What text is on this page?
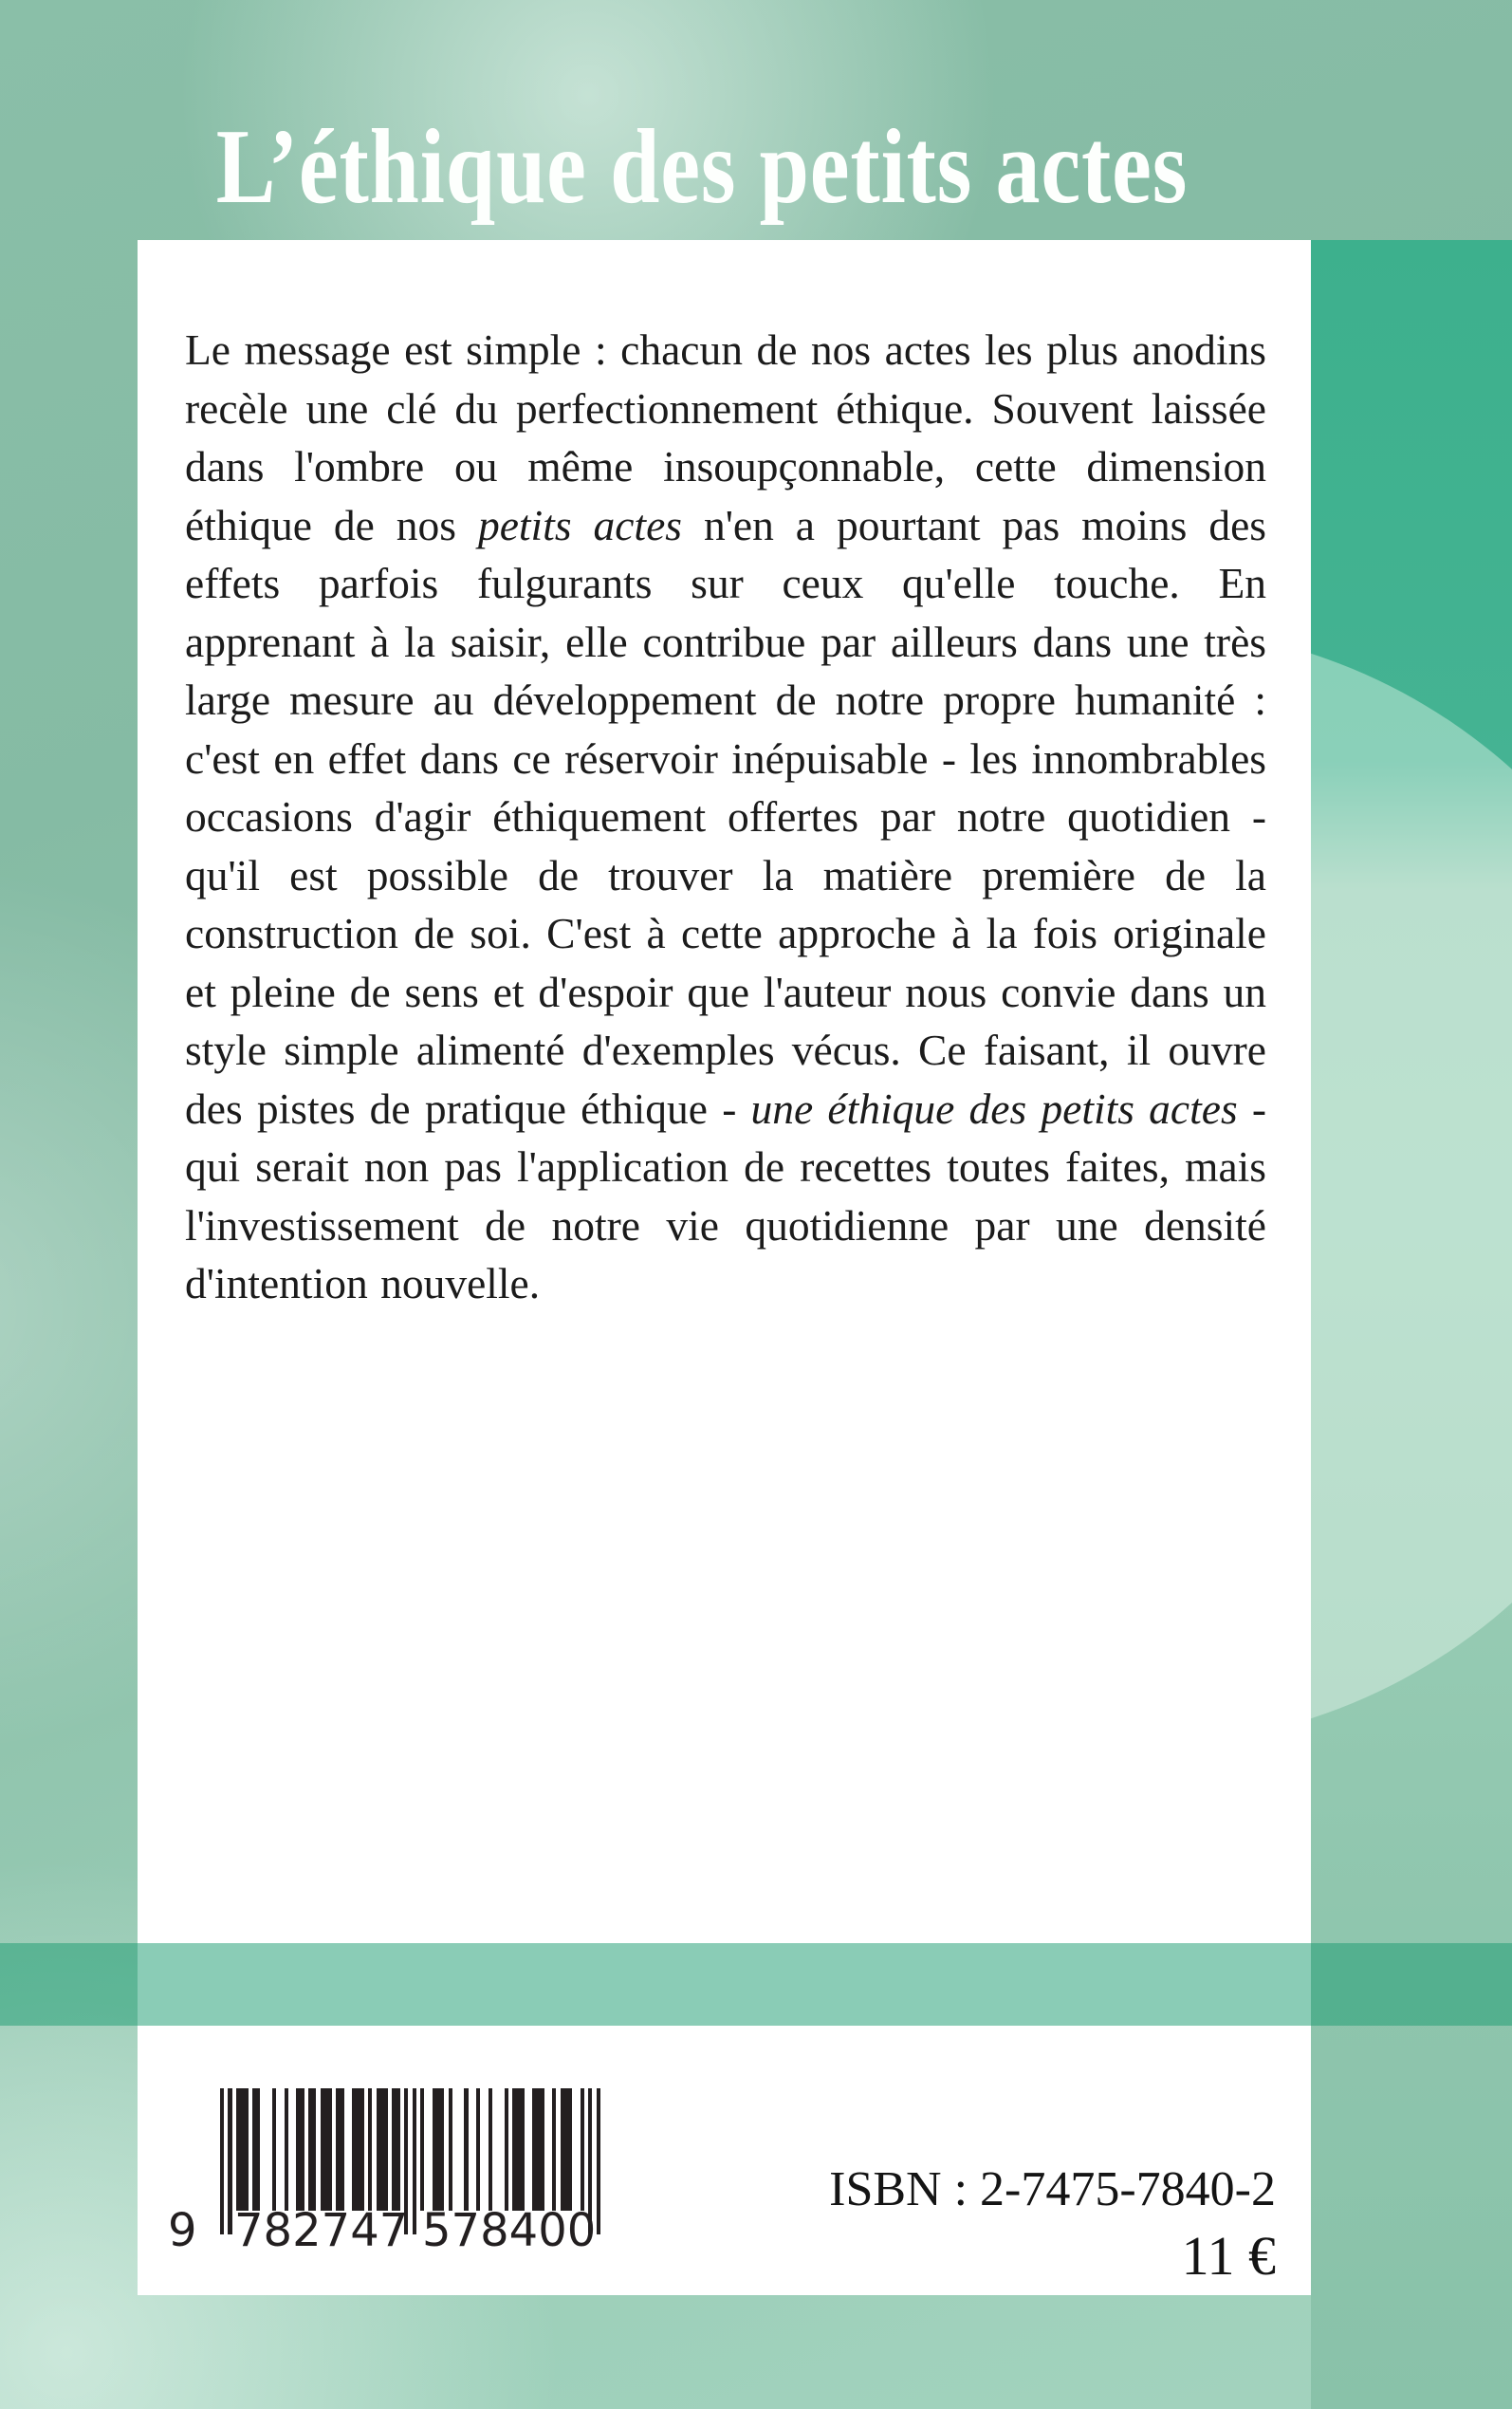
L’éthique des petits actes
Le message est simple : chacun de nos actes les plus anodins recèle une clé du perfectionnement éthique. Souvent laissée dans l'ombre ou même insoupçonnable, cette dimension éthique de nos petits actes n'en a pourtant pas moins des effets parfois fulgurants sur ceux qu'elle touche. En apprenant à la saisir, elle contribue par ailleurs dans une très large mesure au développement de notre propre humanité : c'est en effet dans ce réservoir inépuisable - les innombrables occasions d'agir éthiquement offertes par notre quotidien - qu'il est possible de trouver la matière première de la construction de soi. C'est à cette approche à la fois originale et pleine de sens et d'espoir que l'auteur nous convie dans un style simple alimenté d'exemples vécus. Ce faisant, il ouvre des pistes de pratique éthique - une éthique des petits actes - qui serait non pas l'application de recettes toutes faites, mais l'investissement de notre vie quotidienne par une densité d'intention nouvelle.
9 7 8 2 7 4 7 5 7 8 4 0 0
ISBN : 2-7475-7840-2
11 €
